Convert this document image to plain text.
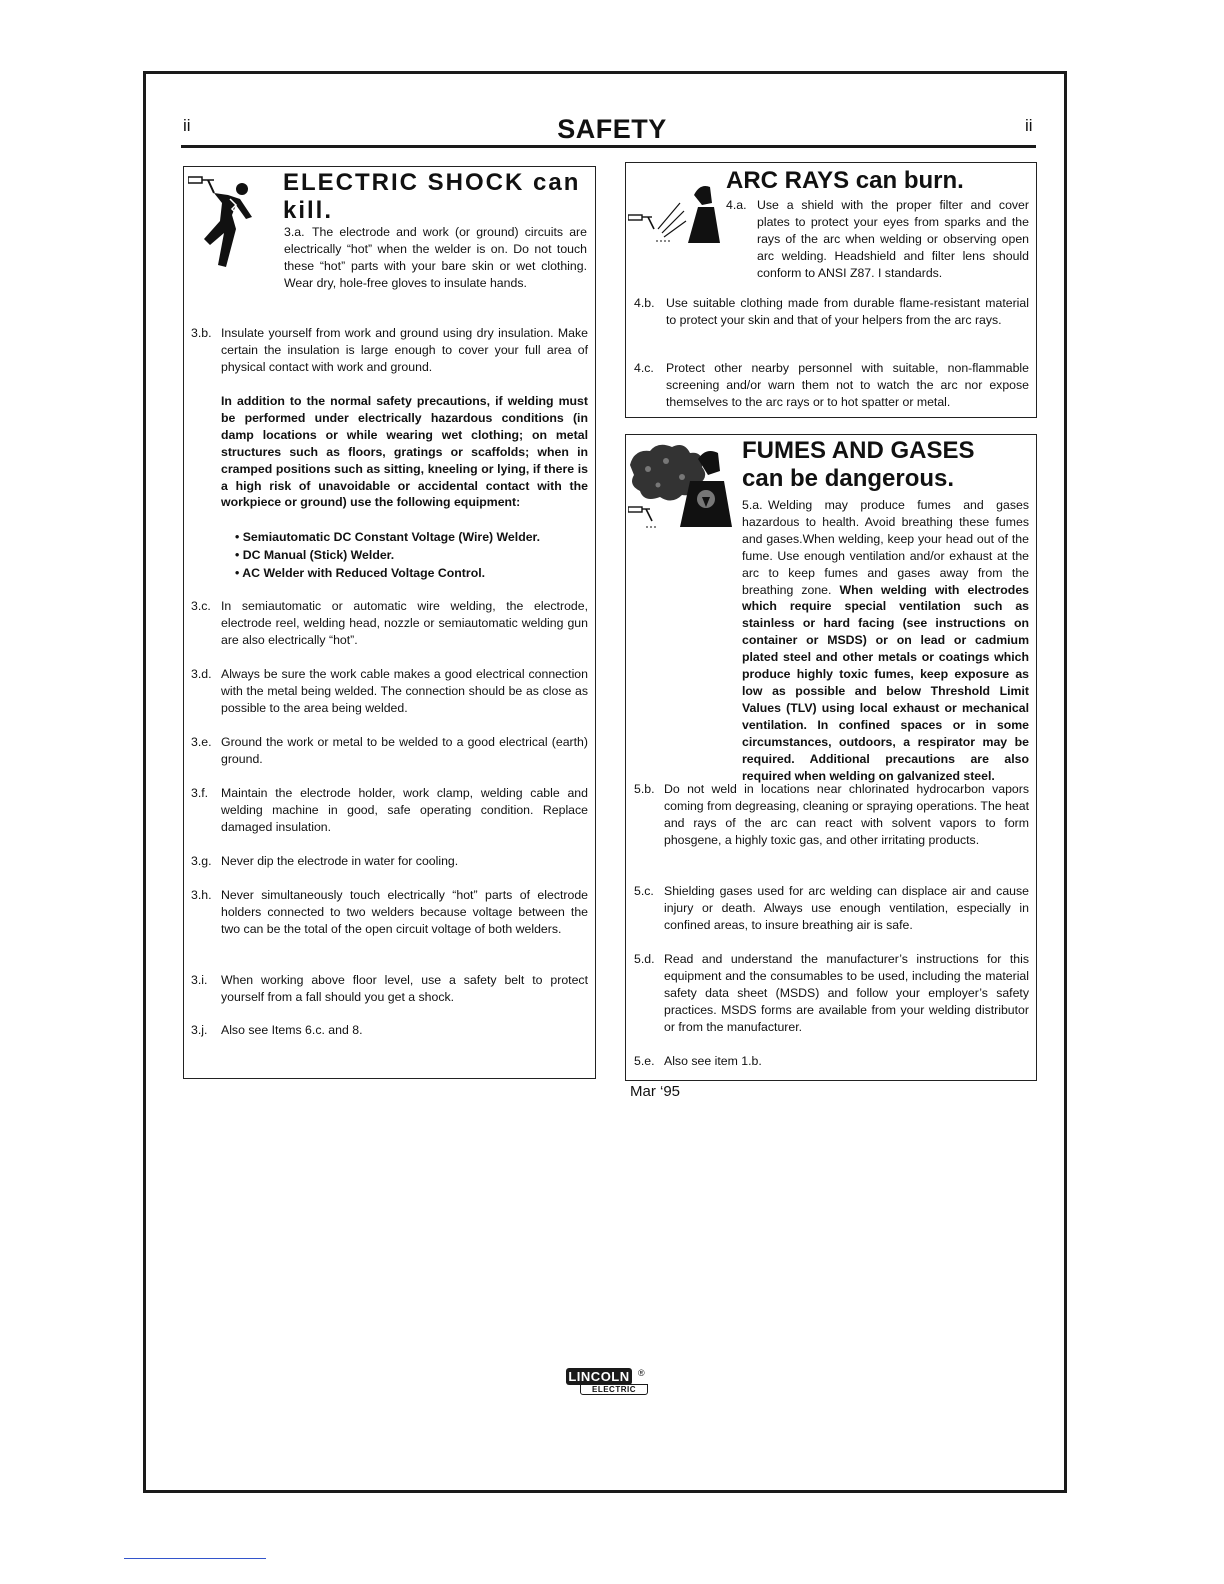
ii	SAFETY	ii
ELECTRIC SHOCK can kill.
3.a. The electrode and work (or ground) circuits are electrically “hot” when the welder is on. Do not touch these “hot” parts with your bare skin or wet clothing. Wear dry, hole-free gloves to insulate hands.
3.b. Insulate yourself from work and ground using dry insulation. Make certain the insulation is large enough to cover your full area of physical contact with work and ground.
In addition to the normal safety precautions, if welding must be performed under electrically hazardous conditions (in damp locations or while wearing wet clothing; on metal structures such as floors, gratings or scaffolds; when in cramped positions such as sitting, kneeling or lying, if there is a high risk of unavoidable or accidental contact with the workpiece or ground) use the following equipment:
• Semiautomatic DC Constant Voltage (Wire) Welder.
• DC Manual (Stick) Welder.
• AC Welder with Reduced Voltage Control.
3.c. In semiautomatic or automatic wire welding, the electrode, electrode reel, welding head, nozzle or semiautomatic welding gun are also electrically “hot”.
3.d. Always be sure the work cable makes a good electrical connection with the metal being welded. The connection should be as close as possible to the area being welded.
3.e. Ground the work or metal to be welded to a good electrical (earth) ground.
3.f. Maintain the electrode holder, work clamp, welding cable and welding machine in good, safe operating condition. Replace damaged insulation.
3.g. Never dip the electrode in water for cooling.
3.h. Never simultaneously touch electrically “hot” parts of electrode holders connected to two welders because voltage between the two can be the total of the open circuit voltage of both welders.
3.i. When working above floor level, use a safety belt to protect yourself from a fall should you get a shock.
3.j. Also see Items 6.c. and 8.
ARC RAYS can burn.
4.a. Use a shield with the proper filter and cover plates to protect your eyes from sparks and the rays of the arc when welding or observing open arc welding. Headshield and filter lens should conform to ANSI Z87. I standards.
4.b. Use suitable clothing made from durable flame-resistant material to protect your skin and that of your helpers from the arc rays.
4.c. Protect other nearby personnel with suitable, non-flammable screening and/or warn them not to watch the arc nor expose themselves to the arc rays or to hot spatter or metal.
FUMES AND GASES
can be dangerous.
5.a. Welding may produce fumes and gases hazardous to health. Avoid breathing these fumes and gases.When welding, keep your head out of the fume. Use enough ventilation and/or exhaust at the arc to keep fumes and gases away from the breathing zone. When welding with electrodes which require special ventilation such as stainless or hard facing (see instructions on container or MSDS) or on lead or cadmium plated steel and other metals or coatings which produce highly toxic fumes, keep exposure as low as possible and below Threshold Limit Values (TLV) using local exhaust or mechanical ventilation. In confined spaces or in some circumstances, outdoors, a respirator may be required. Additional precautions are also required when welding on galvanized steel.
5.b. Do not weld in locations near chlorinated hydrocarbon vapors coming from degreasing, cleaning or spraying operations. The heat and rays of the arc can react with solvent vapors to form phosgene, a highly toxic gas, and other irritating products.
5.c. Shielding gases used for arc welding can displace air and cause injury or death. Always use enough ventilation, especially in confined areas, to insure breathing air is safe.
5.d. Read and understand the manufacturer’s instructions for this equipment and the consumables to be used, including the material safety data sheet (MSDS) and follow your employer’s safety practices. MSDS forms are available from your welding distributor or from the manufacturer.
5.e. Also see item 1.b.
Mar ‘95
LINCOLN
ELECTRIC
®
